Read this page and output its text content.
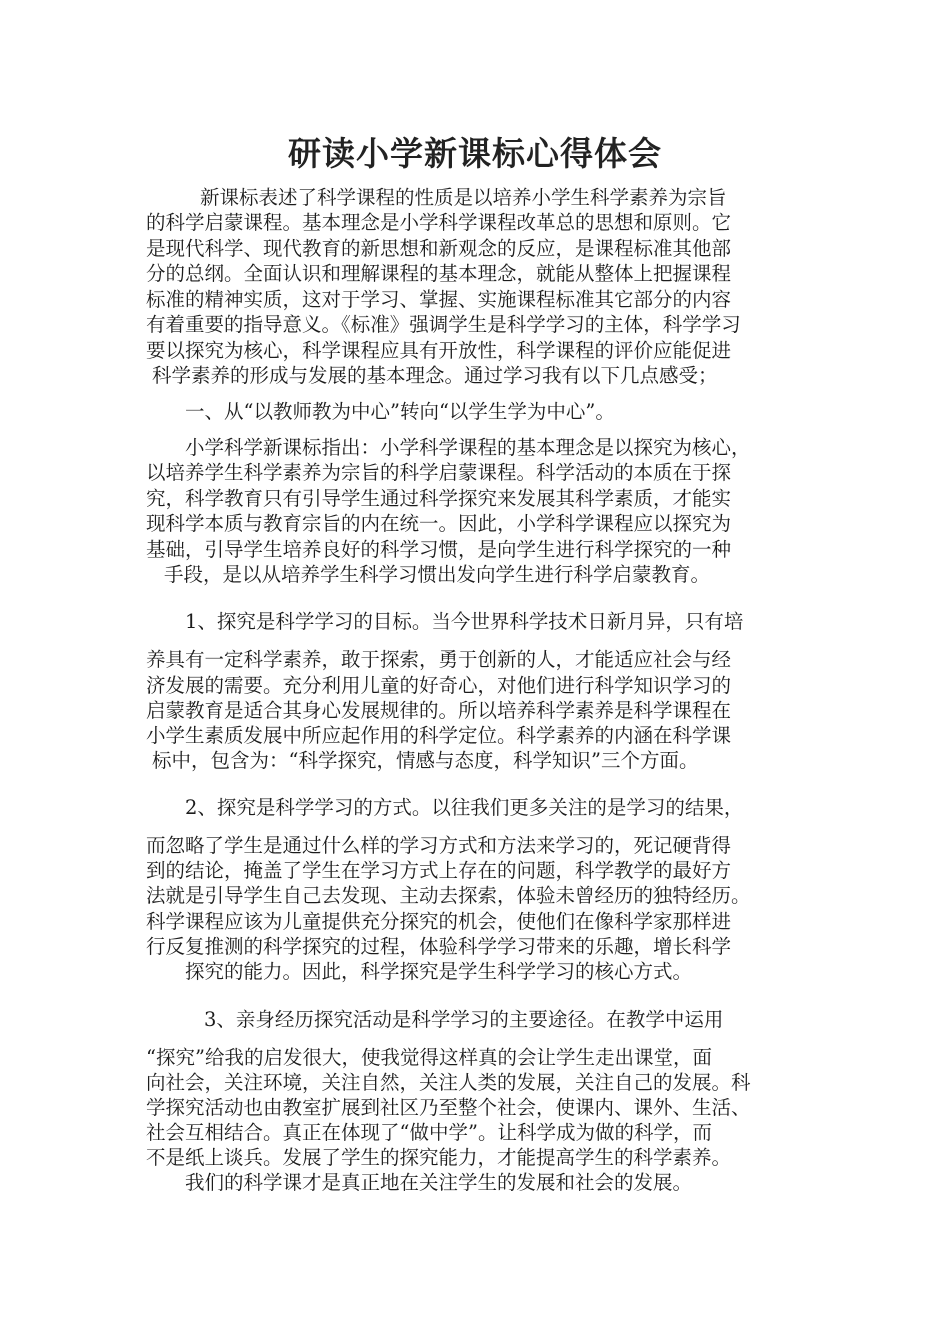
研读小学新课标心得体会

新课标表述了科学课程的性质是以培养小学生科学素养为宗旨

的科学启蒙课程。基本理念是小学科学课程改革总的思想和原则。它

是现代科学、现代教育的新思想和新观念的反应，是课程标准其他部

分的总纲。全面认识和理解课程的基本理念，就能从整体上把握课程

标准的精神实质，这对于学习、掌握、实施课程标准其它部分的内容

有着重要的指导意义。《标准》强调学生是科学学习的主体，科学学习

要以探究为核心，科学课程应具有开放性，科学课程的评价应能促进

科学素养的形成与发展的基本理念。通过学习我有以下几点感受；

一、从“以教师教为中心”转向“以学生学为中心”。

小学科学新课标指出：小学科学课程的基本理念是以探究为核心，

以培养学生科学素养为宗旨的科学启蒙课程。科学活动的本质在于探

究，科学教育只有引导学生通过科学探究来发展其科学素质，才能实

现科学本质与教育宗旨的内在统一。因此，小学科学课程应以探究为

基础，引导学生培养良好的科学习惯，是向学生进行科学探究的一种

手段，是以从培养学生科学习惯出发向学生进行科学启蒙教育。

1、探究是科学学习的目标。当今世界科学技术日新月异，只有培

养具有一定科学素养，敢于探索，勇于创新的人，才能适应社会与经

济发展的需要。充分利用儿童的好奇心，对他们进行科学知识学习的

启蒙教育是适合其身心发展规律的。所以培养科学素养是科学课程在

小学生素质发展中所应起作用的科学定位。科学素养的内涵在科学课

标中，包含为：“科学探究，情感与态度，科学知识”三个方面。

2、探究是科学学习的方式。以往我们更多关注的是学习的结果，

而忽略了学生是通过什么样的学习方式和方法来学习的，死记硬背得

到的结论，掩盖了学生在学习方式上存在的问题，科学教学的最好方

法就是引导学生自己去发现、主动去探索，体验未曾经历的独特经历。

科学课程应该为儿童提供充分探究的机会，使他们在像科学家那样进

行反复推测的科学探究的过程，体验科学学习带来的乐趣，增长科学

探究的能力。因此，科学探究是学生科学学习的核心方式。

3、亲身经历探究活动是科学学习的主要途径。在教学中运用

“探究”给我的启发很大，使我觉得这样真的会让学生走出课堂，面

向社会，关注环境，关注自然，关注人类的发展，关注自己的发展。科

学探究活动也由教室扩展到社区乃至整个社会，使课内、课外、生活、

社会互相结合。真正在体现了“做中学”。让科学成为做的科学，而

不是纸上谈兵。发展了学生的探究能力，才能提高学生的科学素养。

我们的科学课才是真正地在关注学生的发展和社会的发展。
